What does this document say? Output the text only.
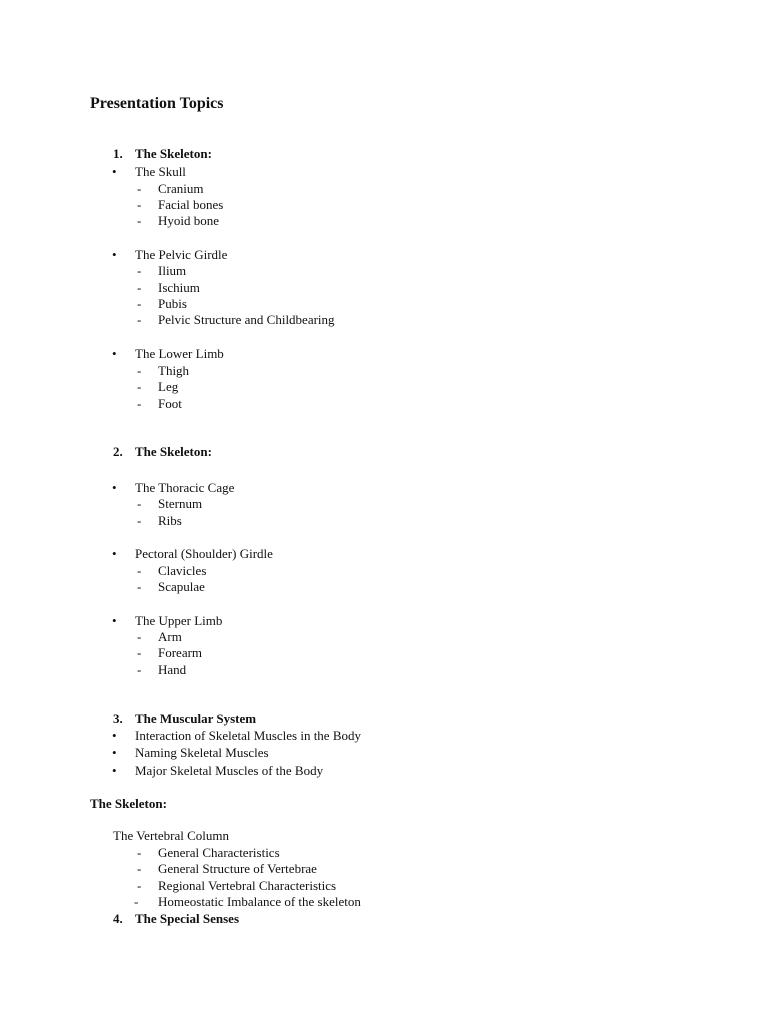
Presentation Topics
1. The Skeleton:
• The Skull
- Cranium
- Facial bones
- Hyoid bone
• The Pelvic Girdle
- Ilium
- Ischium
- Pubis
- Pelvic Structure and Childbearing
• The Lower Limb
- Thigh
- Leg
- Foot
2. The Skeleton:
• The Thoracic Cage
- Sternum
- Ribs
• Pectoral (Shoulder) Girdle
- Clavicles
- Scapulae
• The Upper Limb
- Arm
- Forearm
- Hand
3. The Muscular System
• Interaction of Skeletal Muscles in the Body
• Naming Skeletal Muscles
• Major Skeletal Muscles of the Body
The Skeleton:
The Vertebral Column
- General Characteristics
- General Structure of Vertebrae
- Regional Vertebral Characteristics
- Homeostatic Imbalance of the skeleton
4. The Special Senses
